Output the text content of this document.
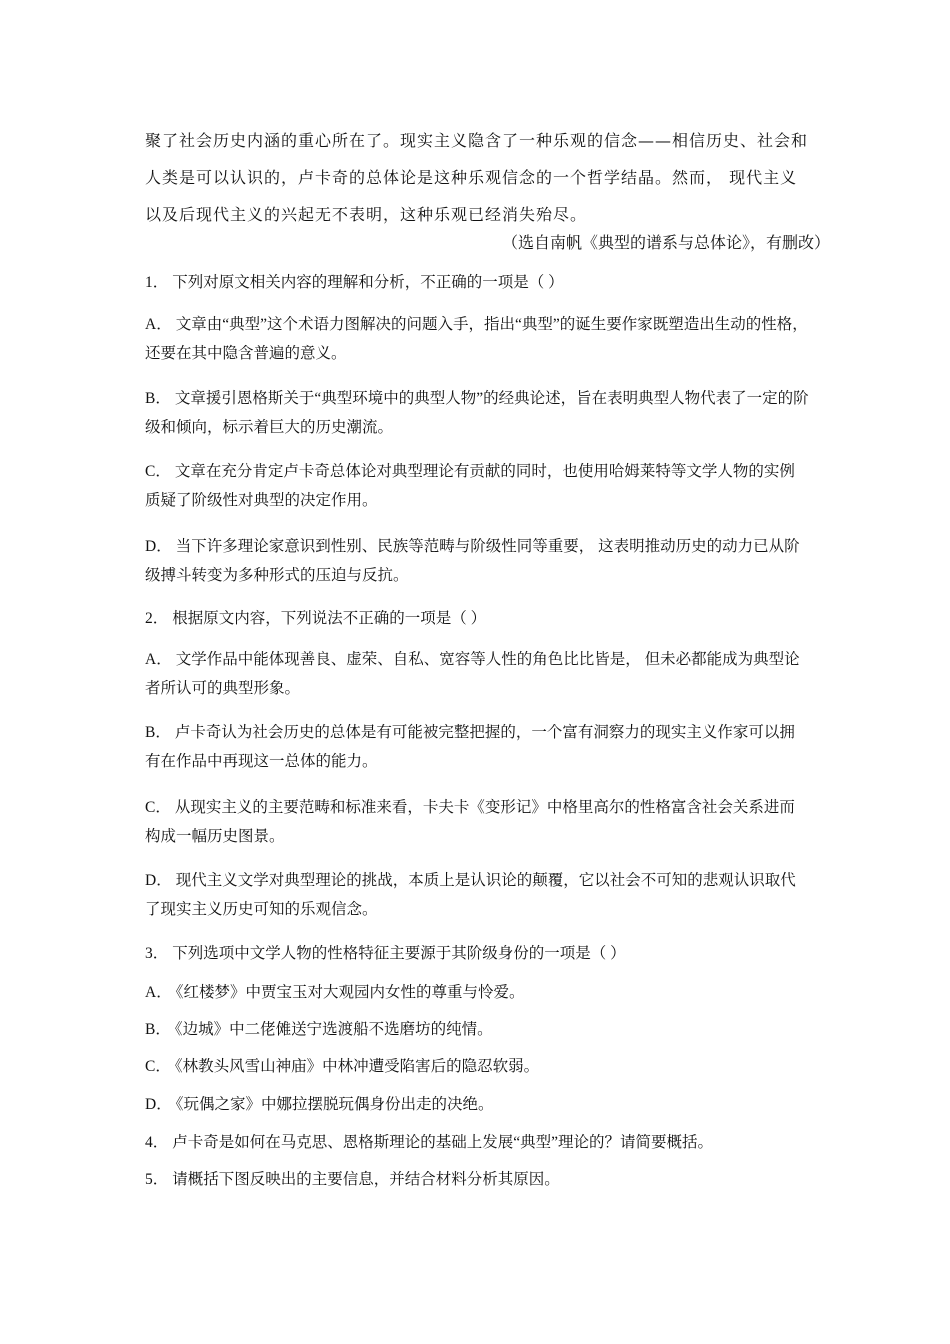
聚了社会历史内涵的重心所在了。现实主义隐含了一种乐观的信念——相信历史、社会和人类是可以认识的，卢卡奇的总体论是这种乐观信念的一个哲学结晶。然而， 现代主义以及后现代主义的兴起无不表明，这种乐观已经消失殆尽。

（选自南帆《典型的谱系与总体论》，有删改）

1． 下列对原文相关内容的理解和分析，不正确的一项是（ ）

A． 文章由“典型”这个术语力图解决的问题入手，指出“典型”的诞生要作家既塑造出生动的性格，还要在其中隐含普遍的意义。

B． 文章援引恩格斯关于“典型环境中的典型人物”的经典论述，旨在表明典型人物代表了一定的阶级和倾向，标示着巨大的历史潮流。

C． 文章在充分肯定卢卡奇总体论对典型理论有贡献的同时，也使用哈姆莱特等文学人物的实例质疑了阶级性对典型的决定作用。

D． 当下许多理论家意识到性别、民族等范畴与阶级性同等重要， 这表明推动历史的动力已从阶级搏斗转变为多种形式的压迫与反抗。

2． 根据原文内容，下列说法不正确的一项是（ ）

A． 文学作品中能体现善良、虚荣、自私、宽容等人性的角色比比皆是， 但未必都能成为典型论者所认可的典型形象。

B． 卢卡奇认为社会历史的总体是有可能被完整把握的，一个富有洞察力的现实主义作家可以拥有在作品中再现这一总体的能力。

C． 从现实主义的主要范畴和标准来看，卡夫卡《变形记》中格里高尔的性格富含社会关系进而构成一幅历史图景。

D． 现代主义文学对典型理论的挑战，本质上是认识论的颠覆，它以社会不可知的悲观认识取代了现实主义历史可知的乐观信念。

3． 下列选项中文学人物的性格特征主要源于其阶级身份的一项是（ ）

A． 《红楼梦》中贾宝玉对大观园内女性的尊重与怜爱。

B． 《边城》中二佬傩送宁选渡船不选磨坊的纯情。

C． 《林教头风雪山神庙》中林冲遭受陷害后的隐忍软弱。

D． 《玩偶之家》中娜拉摆脱玩偶身份出走的决绝。

4． 卢卡奇是如何在马克思、恩格斯理论的基础上发展“典型”理论的？请简要概括。

5． 请概括下图反映出的主要信息，并结合材料分析其原因。
